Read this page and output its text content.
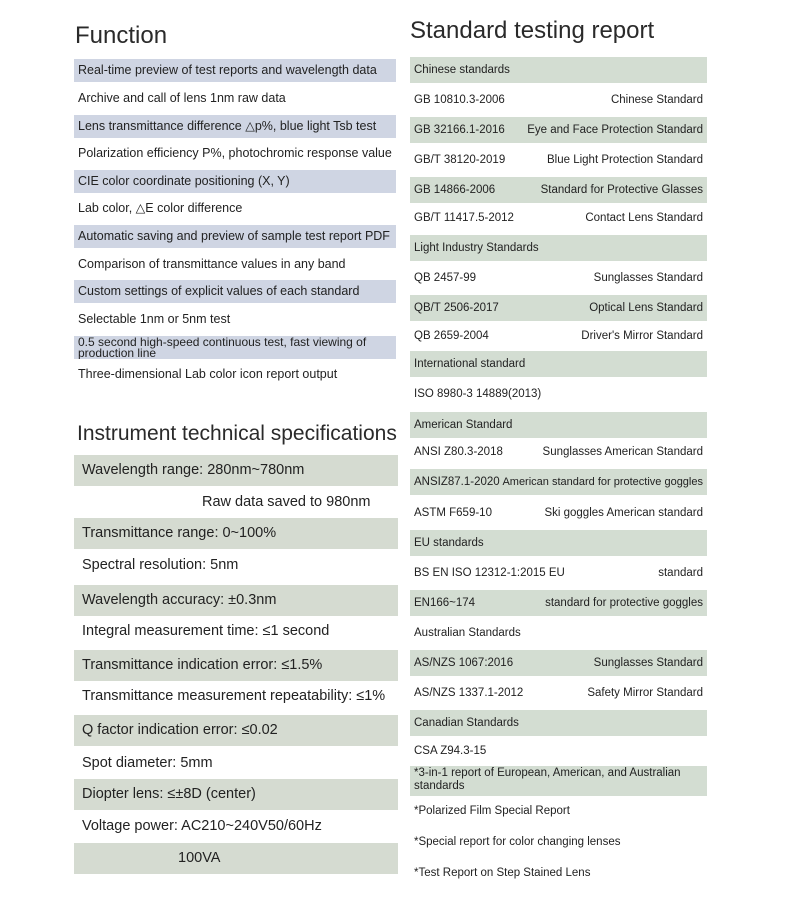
Function
Real-time preview of test reports and wavelength data
Archive and call of lens 1nm raw data
Lens transmittance difference △p%, blue light Tsb test
Polarization efficiency P%, photochromic response value
CIE color coordinate positioning (X, Y)
Lab color, △E color difference
Automatic saving and preview of sample test report PDF
Comparison of transmittance values in any band
Custom settings of explicit values of each standard
Selectable 1nm or 5nm test
0.5 second high-speed continuous test, fast viewing of production line
Three-dimensional Lab color icon report output
Instrument technical specifications
Wavelength range: 280nm~780nm
Raw data saved to 980nm
Transmittance range: 0~100%
Spectral resolution: 5nm
Wavelength accuracy: ±0.3nm
Integral measurement time: ≤1 second
Transmittance indication error: ≤1.5%
Transmittance measurement repeatability: ≤1%
Q factor indication error: ≤0.02
Spot diameter: 5mm
Diopter lens: ≤±8D (center)
Voltage power: AC210~240V50/60Hz
100VA
Standard testing report
Chinese standards
GB 10810.3-2006	Chinese Standard
GB 32166.1-2016 Eye and Face Protection Standard
GB/T 38120-2019	Blue Light Protection Standard
GB 14866-2006	Standard for Protective Glasses
GB/T 11417.5-2012	Contact Lens Standard
Light Industry Standards
QB 2457-99	Sunglasses Standard
QB/T 2506-2017	Optical Lens Standard
QB 2659-2004	Driver's Mirror Standard
International standard
ISO 8980-3 14889(2013)
American Standard
ANSI Z80.3-2018	Sunglasses American Standard
ANSIZ87.1-2020 American standard for protective goggles
ASTM F659-10	Ski goggles American standard
EU standards
BS EN ISO 12312-1:2015 EU	standard
EN166~174	standard for protective goggles
Australian Standards
AS/NZS 1067:2016	Sunglasses Standard
AS/NZS 1337.1-2012	Safety Mirror Standard
Canadian Standards
CSA Z94.3-15
*3-in-1 report of European, American, and Australian standards
*Polarized Film Special Report
*Special report for color changing lenses
*Test Report on Step Stained Lens
